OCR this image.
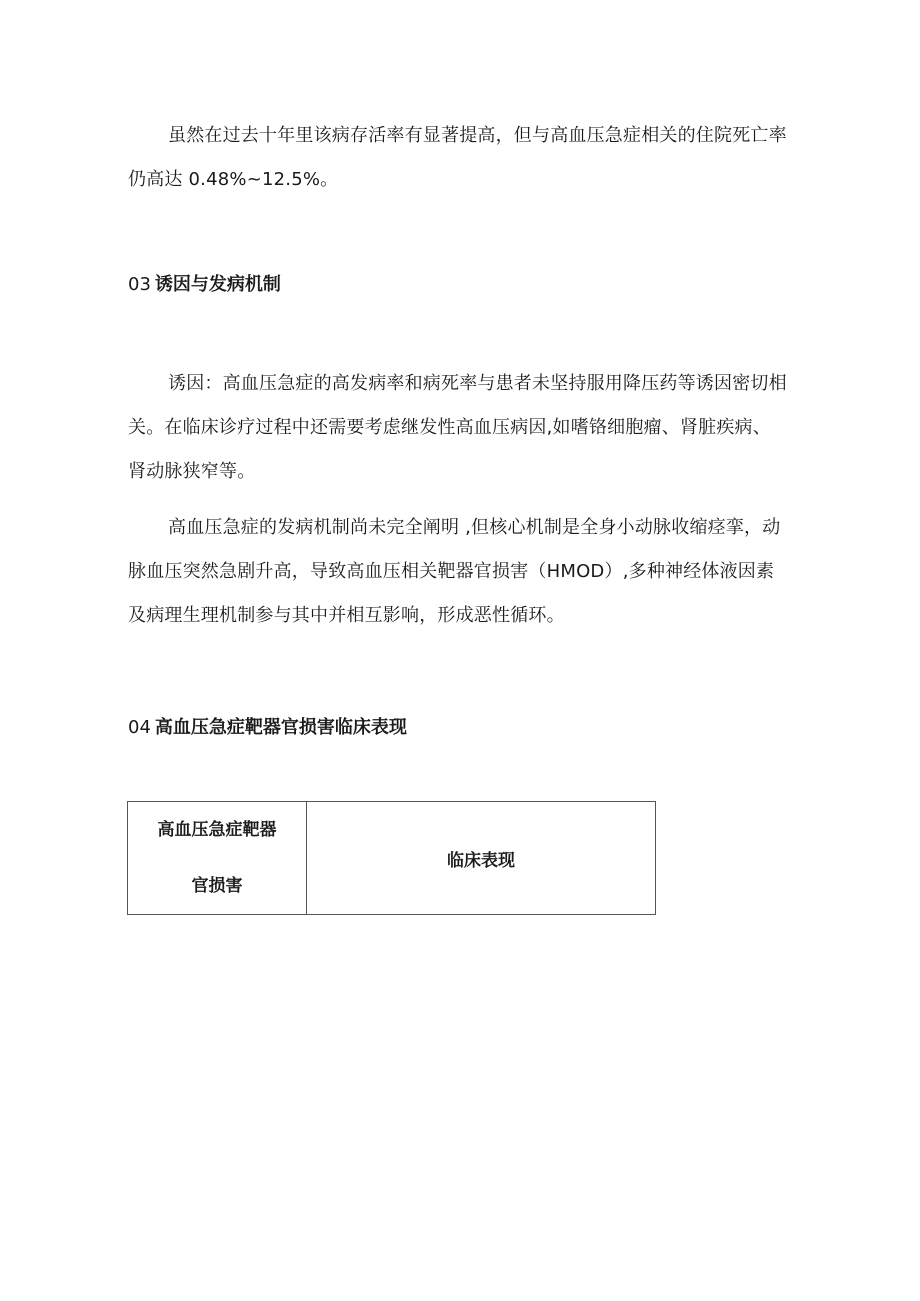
虽然在过去十年里该病存活率有显著提高，但与高血压急症相关的住院死亡率仍高达 0.48%~12.5%。

03 诱因与发病机制

诱因：高血压急症的高发病率和病死率与患者未坚持服用降压药等诱因密切相关。在临床诊疗过程中还需要考虑继发性高血压病因,如嗜铬细胞瘤、肾脏疾病、肾动脉狭窄等。

高血压急症的发病机制尚未完全阐明 ,但核心机制是全身小动脉收缩痉挛，动脉血压突然急剧升高，导致高血压相关靶器官损害（HMOD）,多种神经体液因素及病理生理机制参与其中并相互影响，形成恶性循环。

04 高血压急症靶器官损害临床表现
高血压急症靶器
官损害
	临床表现
